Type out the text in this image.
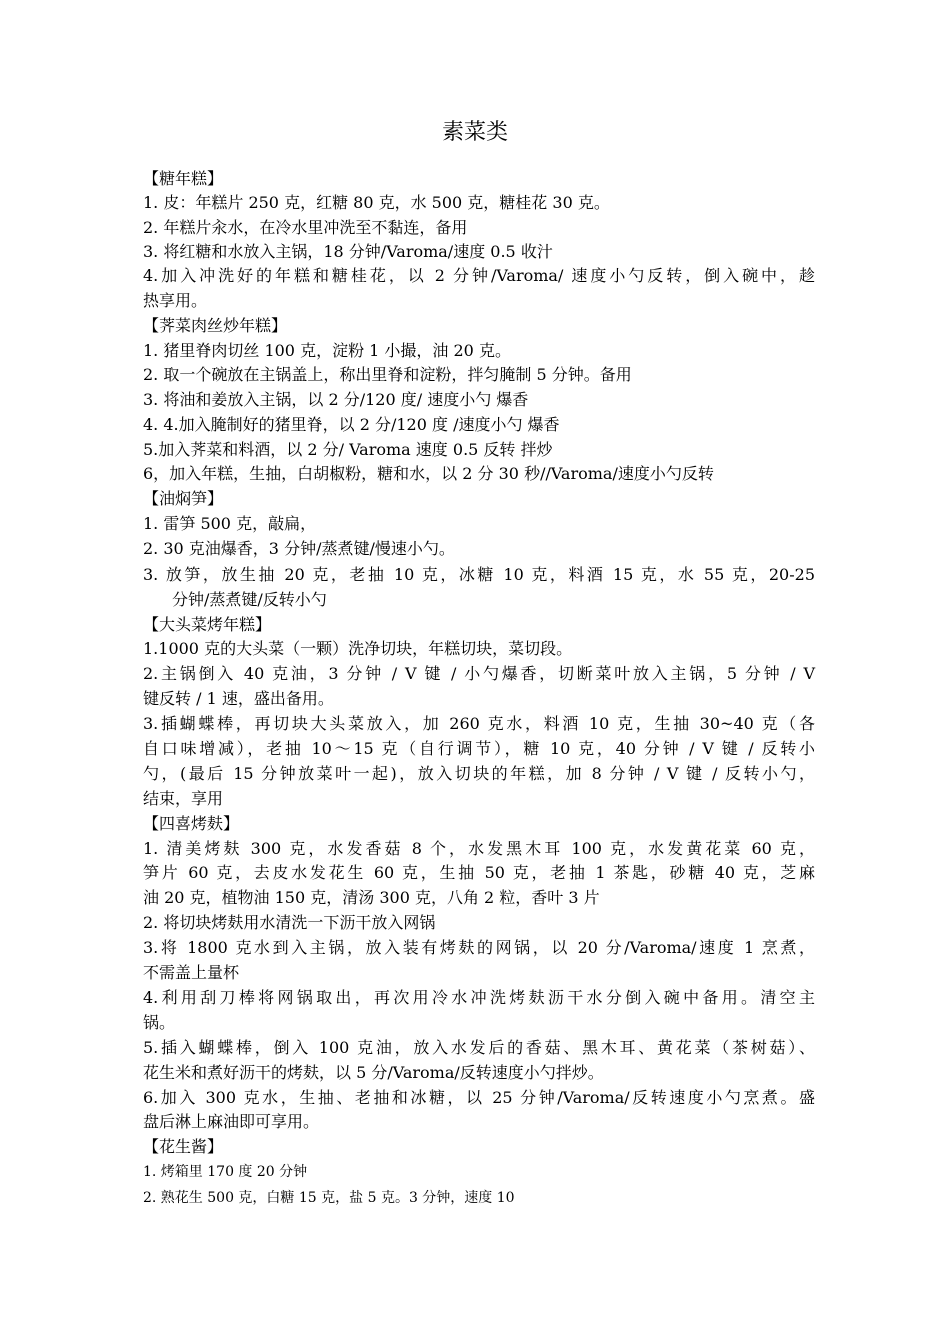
素菜类
【糖年糕】
1. 皮：年糕片 250 克，红糖 80 克，水 500 克，糖桂花 30 克。
2. 年糕片汆水，在冷水里冲洗至不黏连，备用
3. 将红糖和水放入主锅，18 分钟/Varoma/速度 0.5 收汁
4.加入冲洗好的年糕和糖桂花，以 2 分钟/Varoma/ 速度小勺反转，倒入碗中，趁
热享用。
【荠菜肉丝炒年糕】
1. 猪里脊肉切丝 100 克，淀粉 1 小撮，油 20 克。
2. 取一个碗放在主锅盖上，称出里脊和淀粉，拌匀腌制 5 分钟。备用
3. 将油和姜放入主锅，以 2 分/120 度/ 速度小勺 爆香
4. 4.加入腌制好的猪里脊，以 2 分/120 度 /速度小勺 爆香
5.加入荠菜和料酒，以 2 分/ Varoma 速度 0.5 反转 拌炒
6，加入年糕，生抽，白胡椒粉，糖和水，以 2 分 30 秒//Varoma/速度小勺反转
【油焖笋】
1. 雷笋 500 克，敲扁，
2. 30 克油爆香，3 分钟/蒸煮键/慢速小勺。
3. 放笋，放生抽 20 克，老抽 10 克，冰糖 10 克，料酒 15 克，水 55 克，20-25
分钟/蒸煮键/反转小勺
【大头菜烤年糕】
1.1000 克的大头菜（一颗）洗净切块，年糕切块，菜切段。
2.主锅倒入 40 克油，3 分钟 / V 键 / 小勺爆香，切断菜叶放入主锅，5 分钟 / V
键反转 / 1 速，盛出备用。
3.插蝴蝶棒，再切块大头菜放入，加 260 克水，料酒 10 克，生抽 30~40 克（各
自口味增减），老抽 10～15 克（自行调节），糖 10 克，40 分钟 / V 键 / 反转小
勺，(最后 15 分钟放菜叶一起)，放入切块的年糕，加 8 分钟 / V 键 / 反转小勺，
结束，享用
【四喜烤麸】
1. 清美烤麸 300 克，水发香菇 8 个，水发黑木耳 100 克，水发黄花菜 60 克，
笋片 60 克，去皮水发花生 60 克，生抽 50 克，老抽 1 茶匙，砂糖 40 克，芝麻
油 20 克，植物油 150 克，清汤 300 克，八角 2 粒，香叶 3 片
2. 将切块烤麸用水清洗一下沥干放入网锅
3.将 1800 克水到入主锅，放入装有烤麸的网锅，以 20 分/Varoma/速度 1 烹煮，
不需盖上量杯
4.利用刮刀棒将网锅取出，再次用冷水冲洗烤麸沥干水分倒入碗中备用。清空主
锅。
5.插入蝴蝶棒，倒入 100 克油，放入水发后的香菇、黑木耳、黄花菜（茶树菇）、
花生米和煮好沥干的烤麸，以 5 分/Varoma/反转速度小勺拌炒。
6.加入 300 克水，生抽、老抽和冰糖，以 25 分钟/Varoma/反转速度小勺烹煮。盛
盘后淋上麻油即可享用。
【花生酱】
1. 烤箱里 170 度 20 分钟
2. 熟花生 500 克，白糖 15 克，盐 5 克。3 分钟，速度 10
